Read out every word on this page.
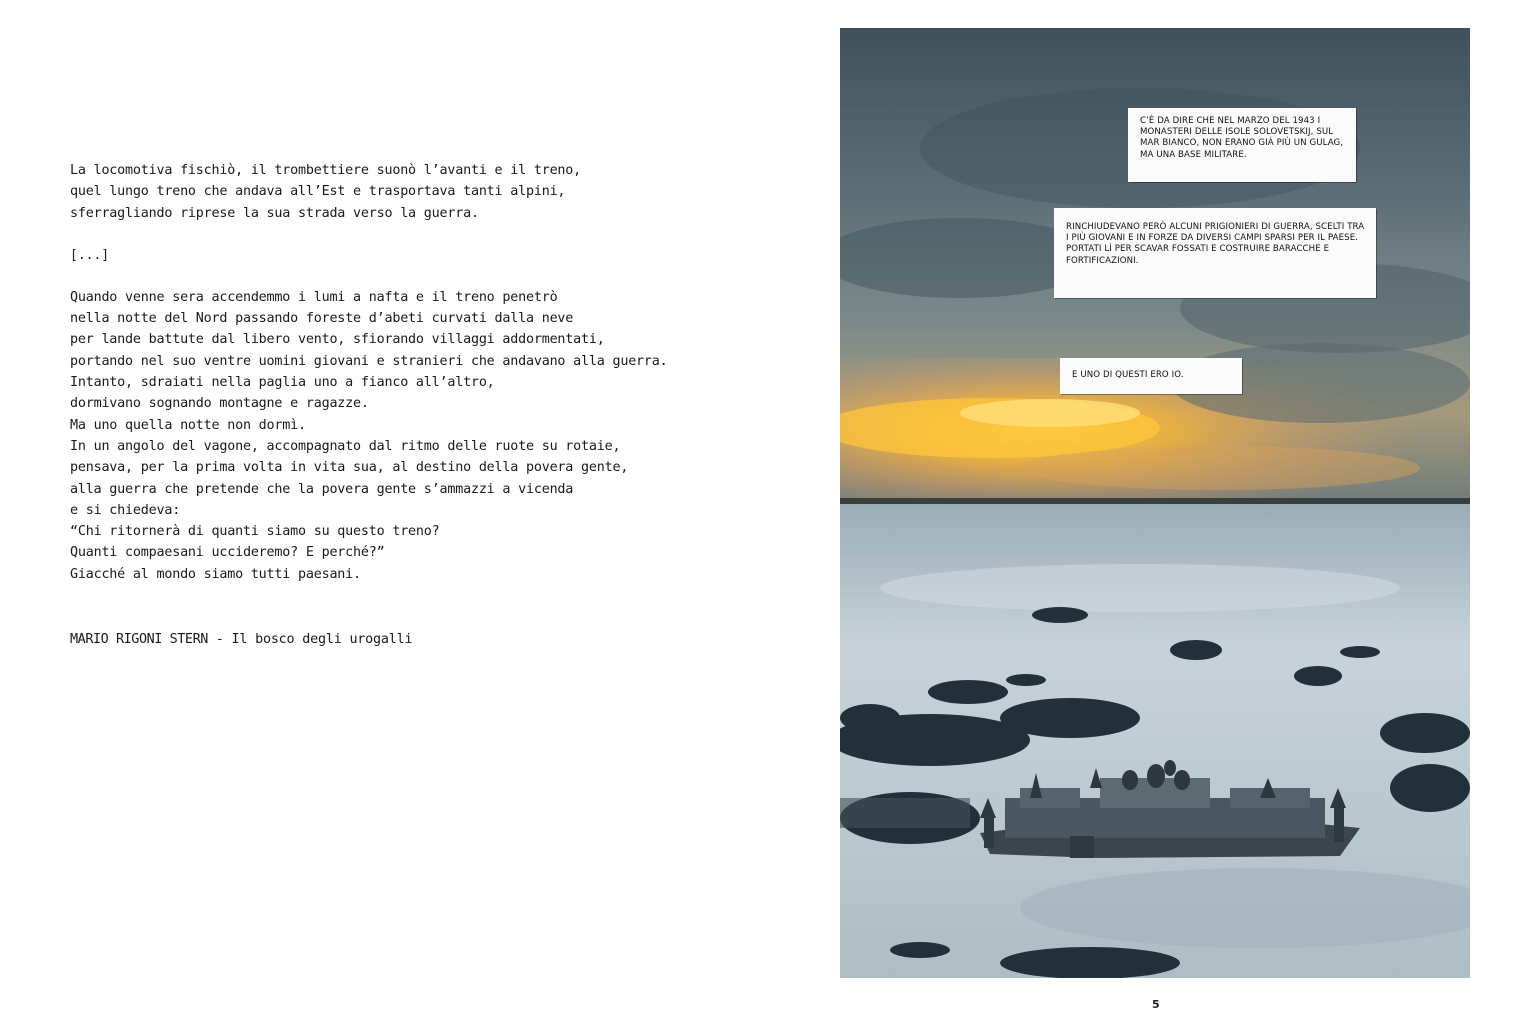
La locomotiva fischiò, il trombettiere suonò l’avanti e il treno,
quel lungo treno che andava all’Est e trasportava tanti alpini,
sferragliando riprese la sua strada verso la guerra.
[...]
Quando venne sera accendemmo i lumi a nafta e il treno penetrò
nella notte del Nord passando foreste d’abeti curvati dalla neve
per lande battute dal libero vento, sfiorando villaggi addormentati,
portando nel suo ventre uomini giovani e stranieri che andavano alla guerra.
Intanto, sdraiati nella paglia uno a fianco all’altro,
dormivano sognando montagne e ragazze.
Ma uno quella notte non dormì.
In un angolo del vagone, accompagnato dal ritmo delle ruote su rotaie,
pensava, per la prima volta in vita sua, al destino della povera gente,
alla guerra che pretende che la povera gente s’ammazzi a vicenda
e si chiedeva:
“Chi ritornerà di quanti siamo su questo treno?
Quanti compaesani uccideremo? E perché?”
Giacché al mondo siamo tutti paesani.
MARIO RIGONI STERN - Il bosco degli urogalli
C’È DA DIRE CHE NEL MARZO DEL 1943 I MONASTERI DELLE ISOLE SOLOVETSKIJ, SUL MAR BIANCO, NON ERANO GIÀ PIÙ UN GULAG, MA UNA BASE MILITARE.
RINCHIUDEVANO PERÒ ALCUNI PRIGIONIERI DI GUERRA, SCELTI TRA I PIÙ GIOVANI E IN FORZE DA DIVERSI CAMPI SPARSI PER IL PAESE. PORTATI LÌ PER SCAVAR FOSSATI E COSTRUIRE BARACCHE E FORTIFICAZIONI.
E UNO DI QUESTI ERO IO.
5
